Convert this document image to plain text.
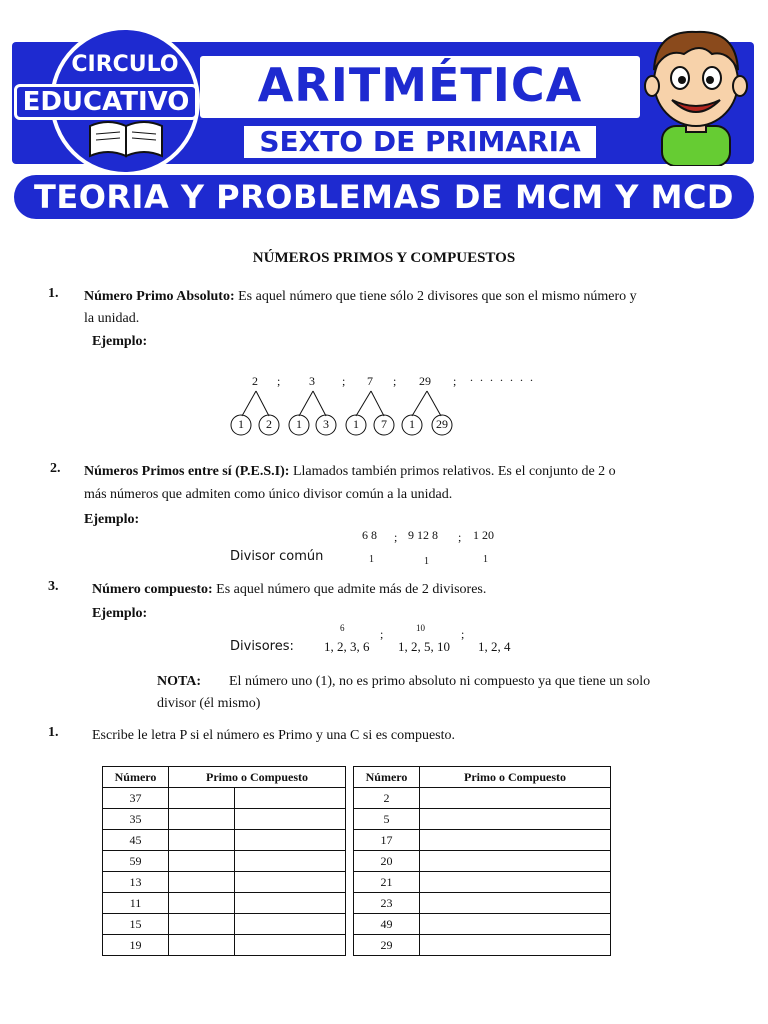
ARITMÉTICA
SEXTO DE PRIMARIA
CIRCULO
EDUCATIVO
TEORIA Y PROBLEMAS DE MCM Y MCD
NÚMEROS PRIMOS Y COMPUESTOS
1. Número Primo Absoluto: Es aquel número que tiene sólo 2 divisores que son el mismo número y
la unidad.
Ejemplo:
2 ; 3 ; 7 ; 29 ; . . . . . . .
1	2	1	3	1	7	1	29
2. Números Primos entre sí (P.E.S.I): Llamados también primos relativos. Es el conjunto de 2 o
más números que admiten como único divisor común a la unidad.
Ejemplo:
6 8 ; 9 12 8 ; 1 20
Divisor común	1	1	1
3. Número compuesto: Es aquel número que admite más de 2 divisores.
Ejemplo:
6	;	10	;
Divisores: 1, 2, 3, 6 1, 2, 5, 10 1, 2, 4
NOTA: El número uno (1), no es primo absoluto ni compuesto ya que tiene un solo
divisor (él mismo)
1. Escribe le letra P si el número es Primo y una C si es compuesto.
Número	Primo o Compuesto	
37		
35		
45		
59		
13		
11		
15		
19		
Número	Primo o Compuesto
2	
5	
17	
20	
21	
23	
49	
29	
